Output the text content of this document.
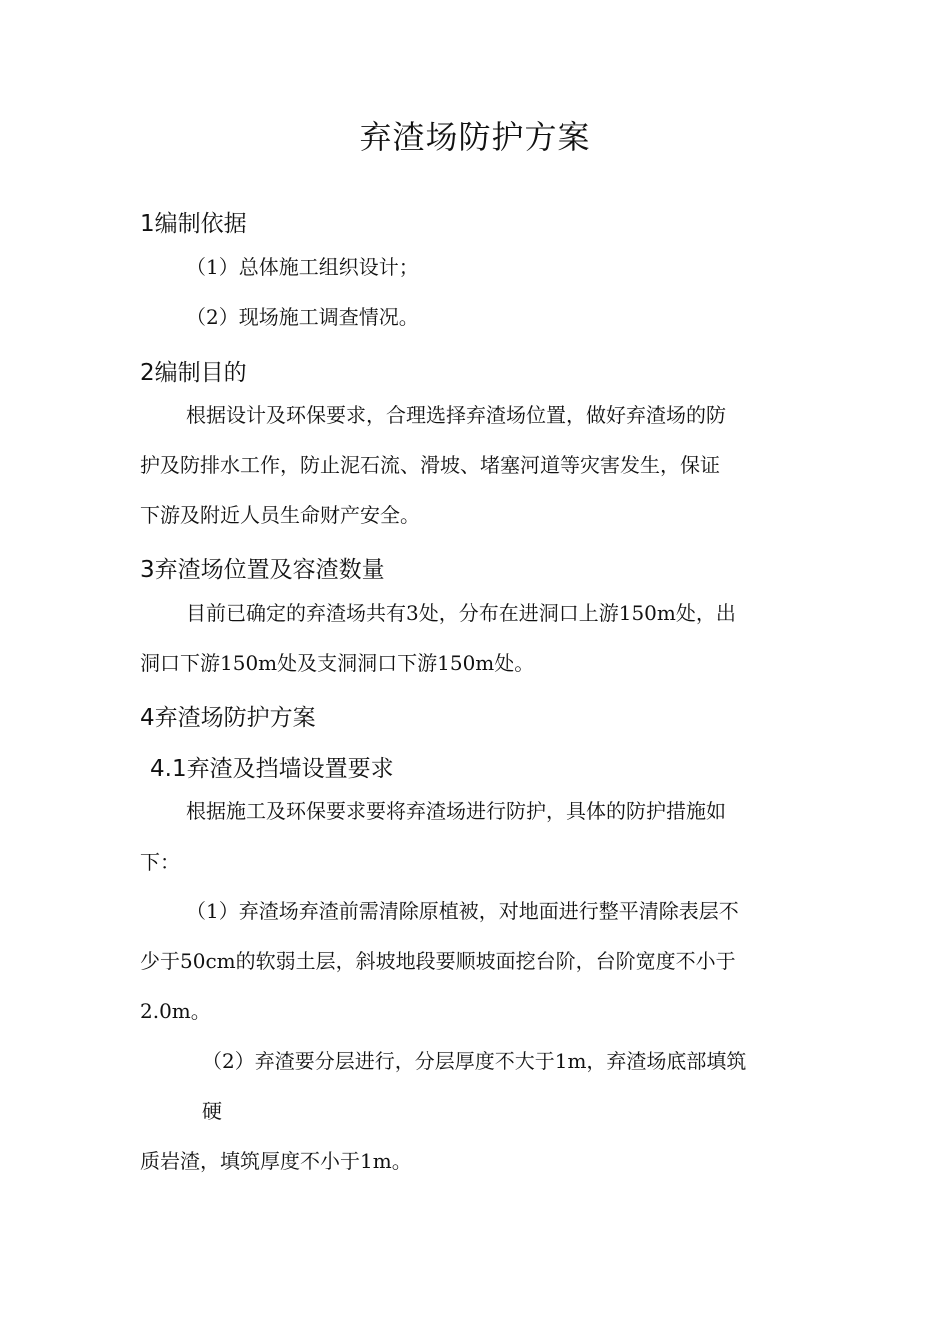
弃渣场防护方案
1编制依据
（1）总体施工组织设计；
（2）现场施工调查情况。
2编制目的
根据设计及环保要求，合理选择弃渣场位置，做好弃渣场的防
护及防排水工作，防止泥石流、滑坡、堵塞河道等灾害发生，保证
下游及附近人员生命财产安全。
3弃渣场位置及容渣数量
目前已确定的弃渣场共有3处，分布在进洞口上游150m处，出
洞口下游150m处及支洞洞口下游150m处。
4弃渣场防护方案
4.1弃渣及挡墙设置要求
根据施工及环保要求要将弃渣场进行防护，具体的防护措施如
下：
（1）弃渣场弃渣前需清除原植被，对地面进行整平清除表层不
少于50cm的软弱土层，斜坡地段要顺坡面挖台阶，台阶宽度不小于
2.0m。
（2）弃渣要分层进行，分层厚度不大于1m，弃渣场底部填筑
硬
质岩渣，填筑厚度不小于1m。
